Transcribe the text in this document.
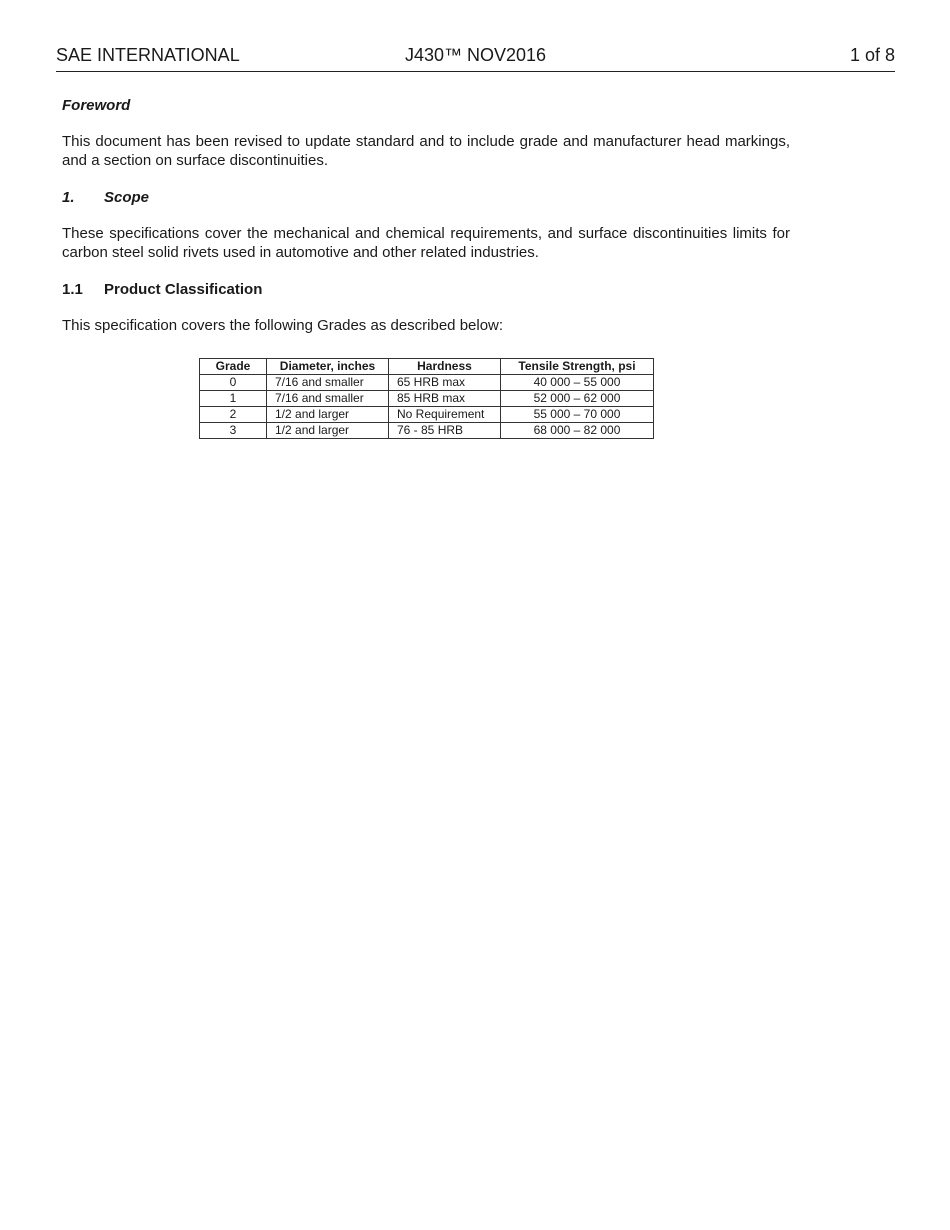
SAE INTERNATIONAL	J430™ NOV2016	1 of 8

Foreword

This document has been revised to update standard and to include grade and manufacturer head markings, and a section on surface discontinuities.

1. Scope

These specifications cover the mechanical and chemical requirements, and surface discontinuities limits for carbon steel solid rivets used in automotive and other related industries.

1.1 Product Classification

This specification covers the following Grades as described below:

Grade	Diameter, inches	Hardness	Tensile Strength, psi
0	7/16 and smaller	65 HRB max	40 000 – 55 000
1	7/16 and smaller	85 HRB max	52 000 – 62 000
2	1/2 and larger	No Requirement	55 000 – 70 000
3	1/2 and larger	76 - 85 HRB	68 000 – 82 000
